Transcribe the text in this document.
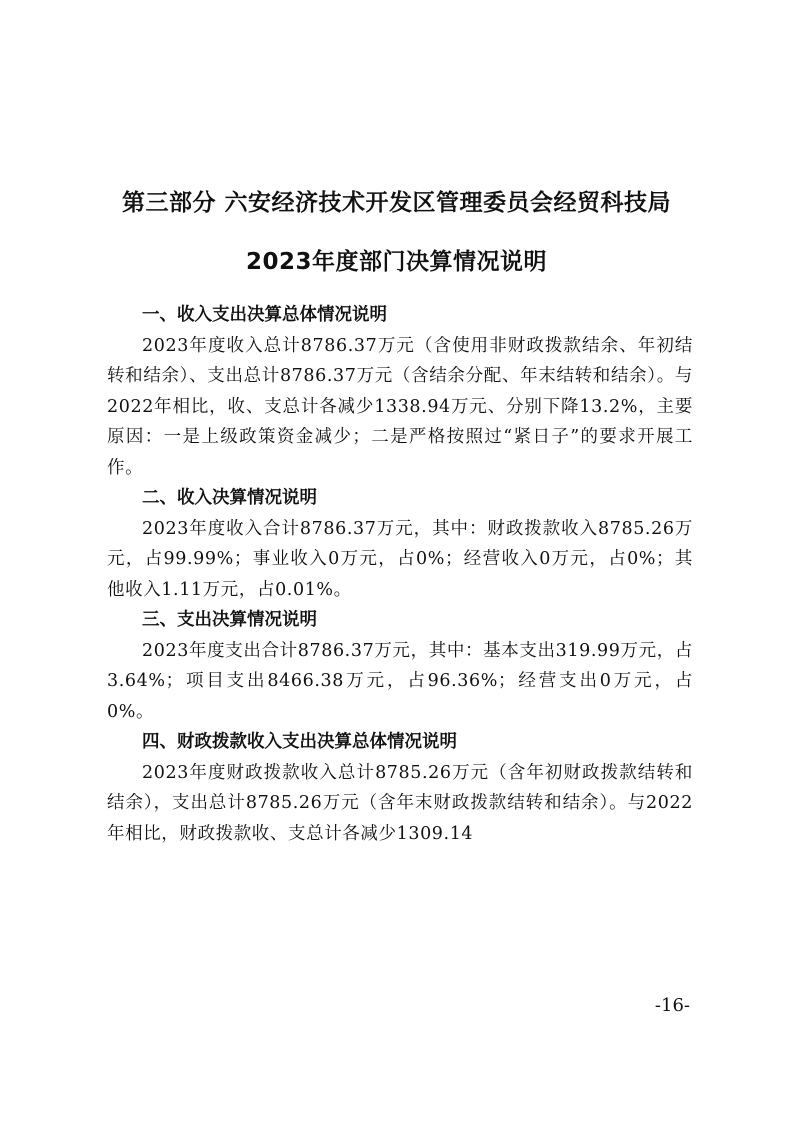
第三部分 六安经济技术开发区管理委员会经贸科技局
2023年度部门决算情况说明
一、收入支出决算总体情况说明

2023年度收入总计8786.37万元（含使用非财政拨款结余、年初结转和结余）、支出总计8786.37万元（含结余分配、年末结转和结余）。与2022年相比，收、支总计各减少1338.94万元、分别下降13.2%，主要原因：一是上级政策资金减少；二是严格按照过“紧日子”的要求开展工作。

二、收入决算情况说明

2023年度收入合计8786.37万元，其中：财政拨款收入8785.26万元，占99.99%；事业收入0万元，占0%；经营收入0万元，占0%；其他收入1.11万元，占0.01%。

三、支出决算情况说明

2023年度支出合计8786.37万元，其中：基本支出319.99万元，占3.64%；项目支出8466.38万元，占96.36%；经营支出0万元，占0%。

四、财政拨款收入支出决算总体情况说明

2023年度财政拨款收入总计8785.26万元（含年初财政拨款结转和结余），支出总计8785.26万元（含年末财政拨款结转和结余）。与2022年相比，财政拨款收、支总计各减少1309.14

-16-
